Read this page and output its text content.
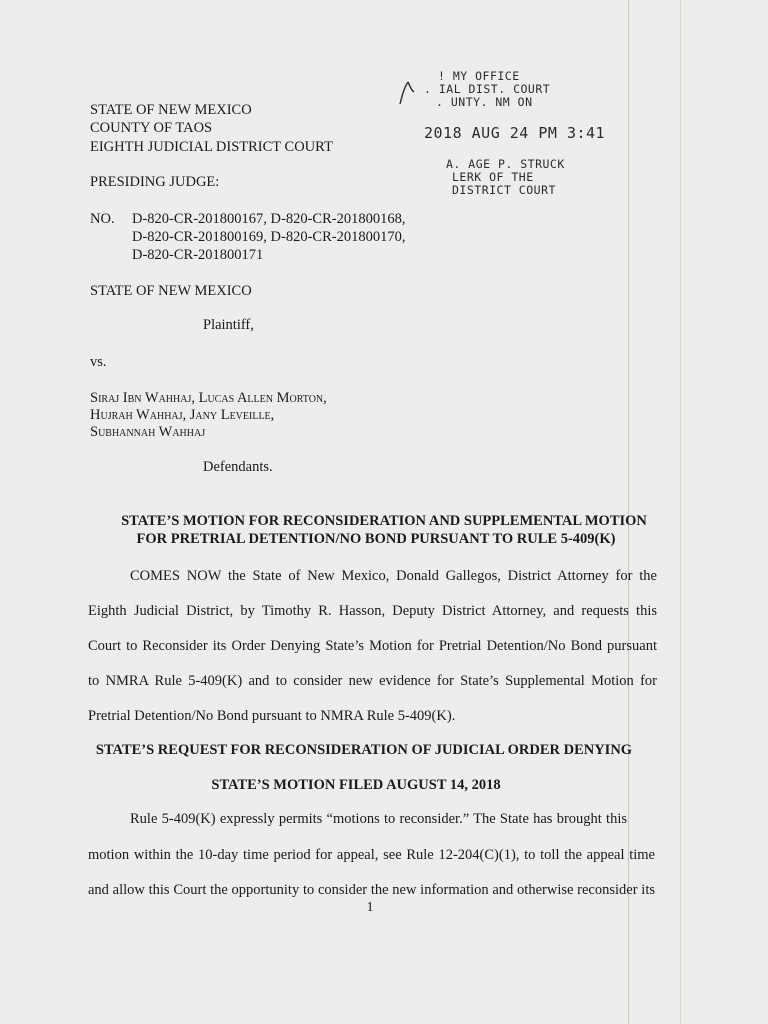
! MY OFFICE
. IAL DIST. COURT
. UNTY. NM ON
2018 AUG 24 PM 3:41
A. AGE P. STRUCK
LERK OF THE
DISTRICT COURT
STATE OF NEW MEXICO
COUNTY OF TAOS
EIGHTH JUDICIAL DISTRICT COURT
PRESIDING JUDGE:
NO. D-820-CR-201800167, D-820-CR-201800168,
D-820-CR-201800169, D-820-CR-201800170,
D-820-CR-201800171
STATE OF NEW MEXICO
Plaintiff,
vs.
Siraj Ibn Wahhaj, Lucas Allen Morton,
Hujrah Wahhaj, Jany Leveille,
Subhannah Wahhaj
Defendants.
STATE’S MOTION FOR RECONSIDERATION AND SUPPLEMENTAL MOTION
FOR PRETRIAL DETENTION/NO BOND PURSUANT TO RULE 5-409(K)
COMES NOW the State of New Mexico, Donald Gallegos, District Attorney for the
Eighth Judicial District, by Timothy R. Hasson, Deputy District Attorney, and requests this
Court to Reconsider its Order Denying State’s Motion for Pretrial Detention/No Bond pursuant
to NMRA Rule 5-409(K) and to consider new evidence for State’s Supplemental Motion for
Pretrial Detention/No Bond pursuant to NMRA Rule 5-409(K).
STATE’S REQUEST FOR RECONSIDERATION OF JUDICIAL ORDER DENYING
STATE’S MOTION FILED AUGUST 14, 2018
Rule 5-409(K) expressly permits “motions to reconsider.” The State has brought this
motion within the 10-day time period for appeal, see Rule 12-204(C)(1), to toll the appeal time
and allow this Court the opportunity to consider the new information and otherwise reconsider its
1
